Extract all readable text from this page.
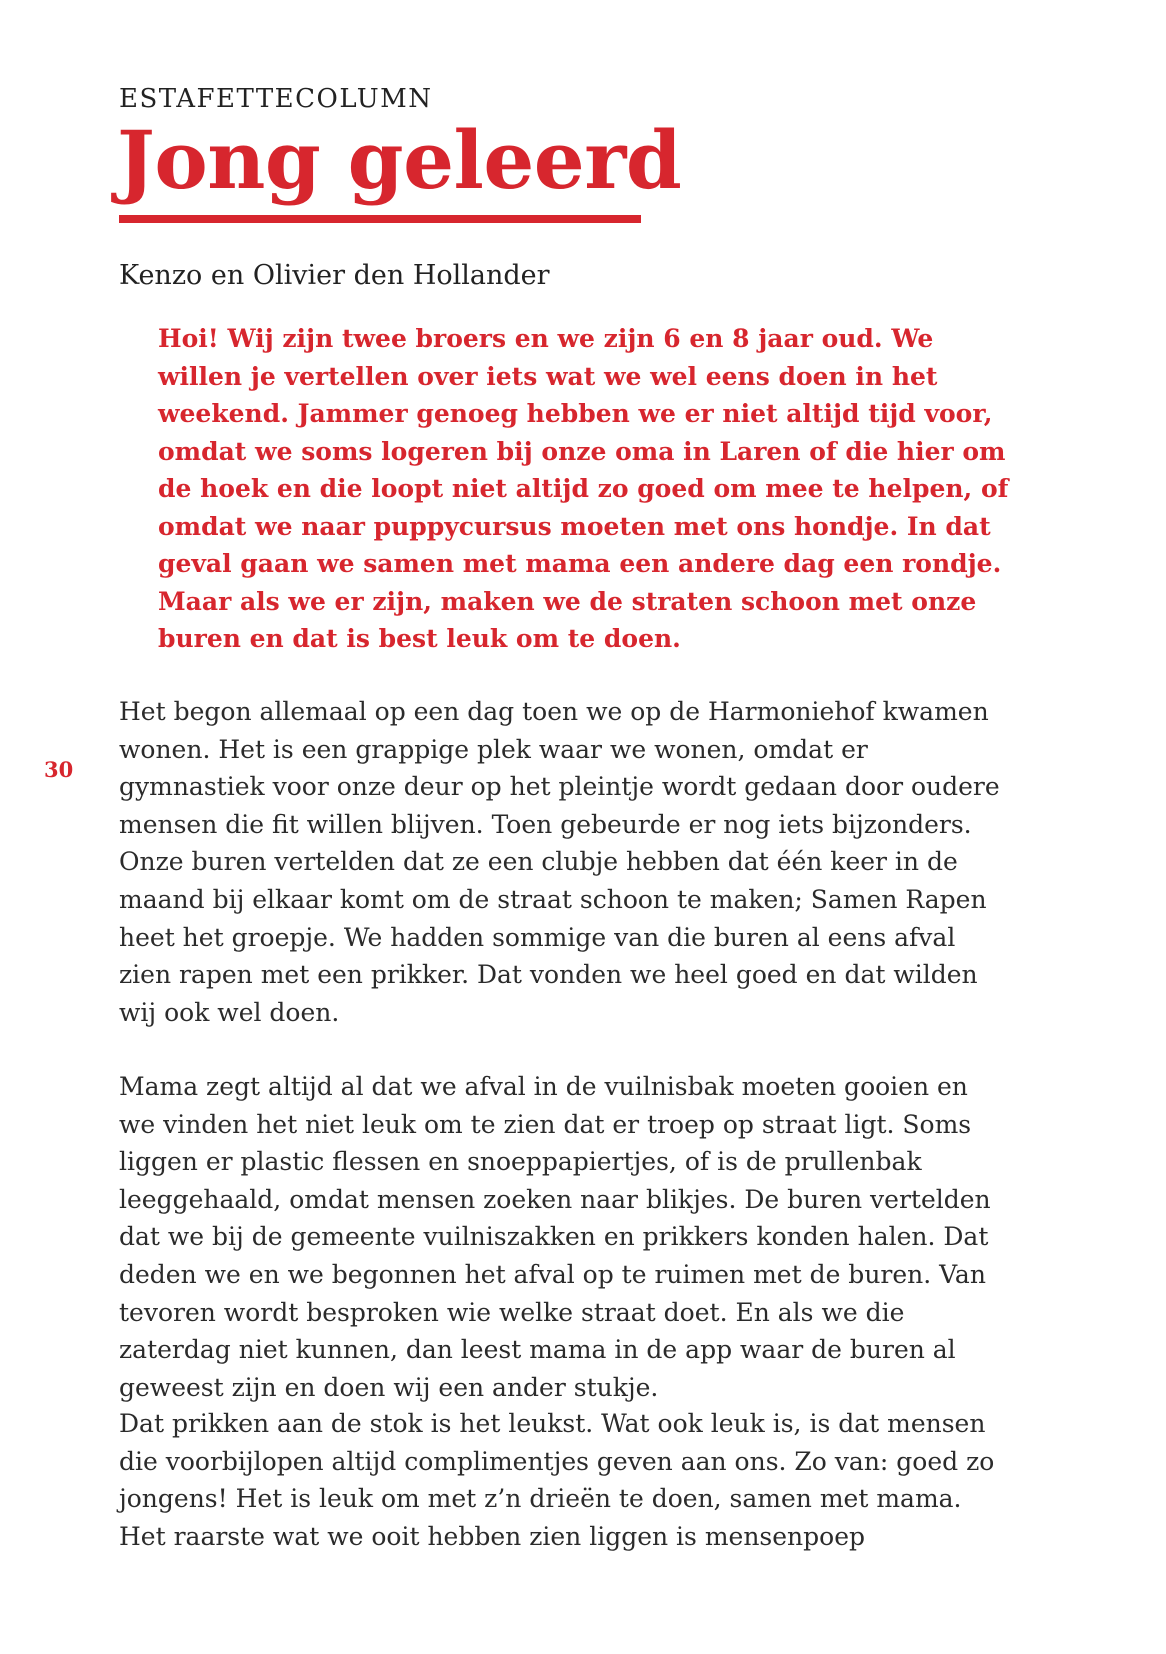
ESTAFETTECOLUMN
Jong geleerd

Kenzo en Olivier den Hollander

Hoi! Wij zijn twee broers en we zijn 6 en 8 jaar oud. We willen je vertellen over iets wat we wel eens doen in het weekend. Jammer genoeg hebben we er niet altijd tijd voor, omdat we soms logeren bij onze oma in Laren of die hier om de hoek en die loopt niet altijd zo goed om mee te helpen, of omdat we naar puppycursus moeten met ons hondje. In dat geval gaan we samen met mama een andere dag een rondje. Maar als we er zijn, maken we de straten schoon met onze buren en dat is best leuk om te doen.

30

Het begon allemaal op een dag toen we op de Harmoniehof kwamen wonen. Het is een grappige plek waar we wonen, omdat er gymnastiek voor onze deur op het pleintje wordt gedaan door oudere mensen die fit willen blijven. Toen gebeurde er nog iets bijzonders. Onze buren vertelden dat ze een clubje hebben dat één keer in de maand bij elkaar komt om de straat schoon te maken; Samen Rapen heet het groepje. We hadden sommige van die buren al eens afval zien rapen met een prikker. Dat vonden we heel goed en dat wilden wij ook wel doen.

Mama zegt altijd al dat we afval in de vuilnisbak moeten gooien en we vinden het niet leuk om te zien dat er troep op straat ligt. Soms liggen er plastic flessen en snoeppapiertjes, of is de prullenbak leeggehaald, omdat mensen zoeken naar blikjes. De buren vertelden dat we bij de gemeente vuilniszakken en prikkers konden halen. Dat deden we en we begonnen het afval op te ruimen met de buren. Van tevoren wordt besproken wie welke straat doet. En als we die zaterdag niet kunnen, dan leest mama in de app waar de buren al geweest zijn en doen wij een ander stukje.

Dat prikken aan de stok is het leukst. Wat ook leuk is, is dat mensen die voorbijlopen altijd complimentjes geven aan ons. Zo van: goed zo jongens! Het is leuk om met z’n drieën te doen, samen met mama. Het raarste wat we ooit hebben zien liggen is mensenpoep
